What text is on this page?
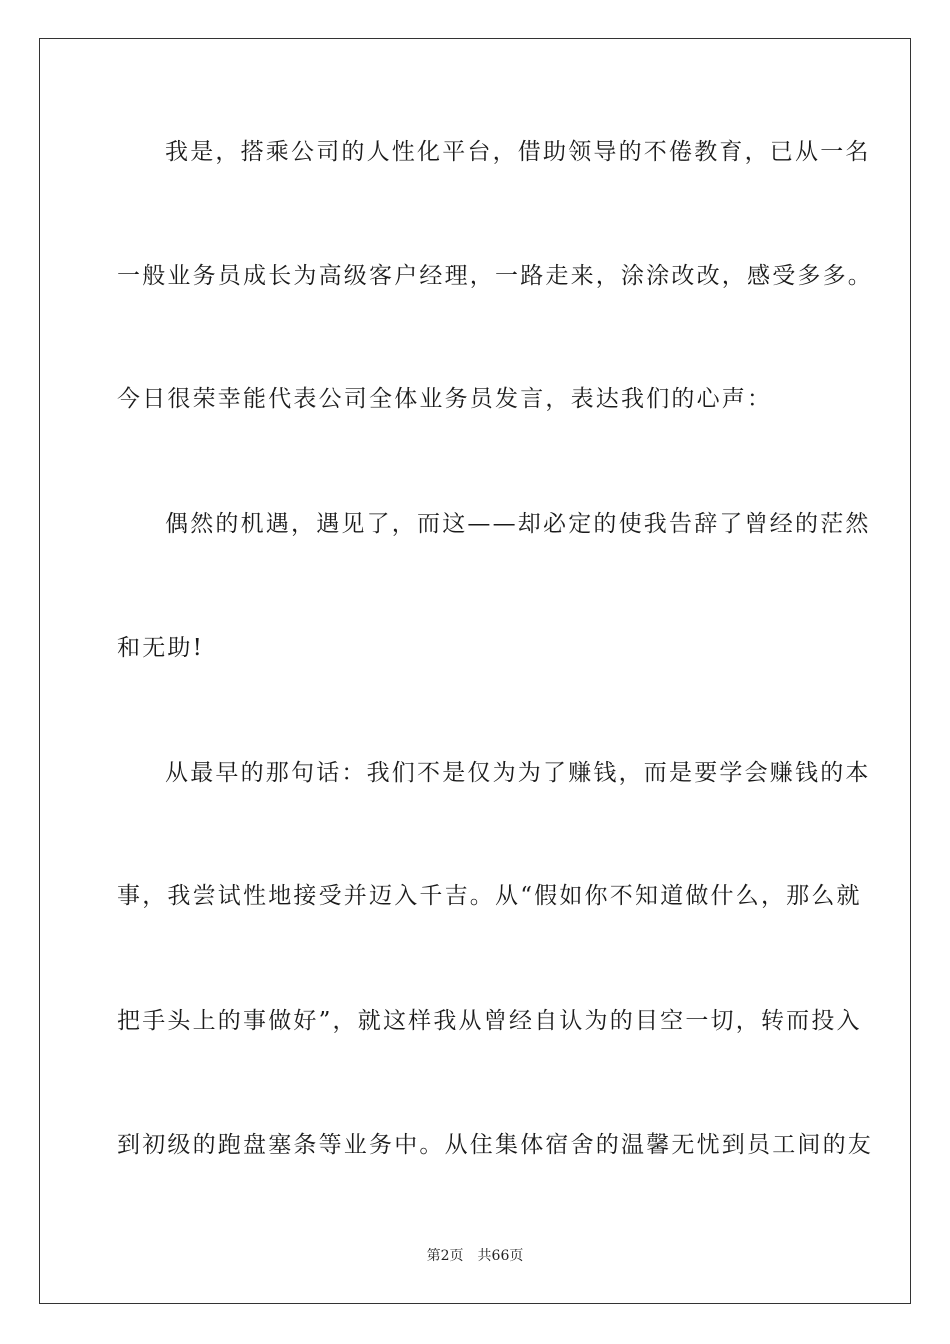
我是，搭乘公司的人性化平台，借助领导的不倦教育，已从一名
一般业务员成长为高级客户经理，一路走来，涂涂改改，感受多多。
今日很荣幸能代表公司全体业务员发言，表达我们的心声：
偶然的机遇，遇见了，而这——却必定的使我告辞了曾经的茫然
和无助!
从最早的那句话：我们不是仅为为了赚钱，而是要学会赚钱的本
事，我尝试性地接受并迈入千吉。从“假如你不知道做什么，那么就
把手头上的事做好”，就这样我从曾经自认为的目空一切，转而投入
到初级的跑盘塞条等业务中。从住集体宿舍的温馨无忧到员工间的友
第2页 共66页
